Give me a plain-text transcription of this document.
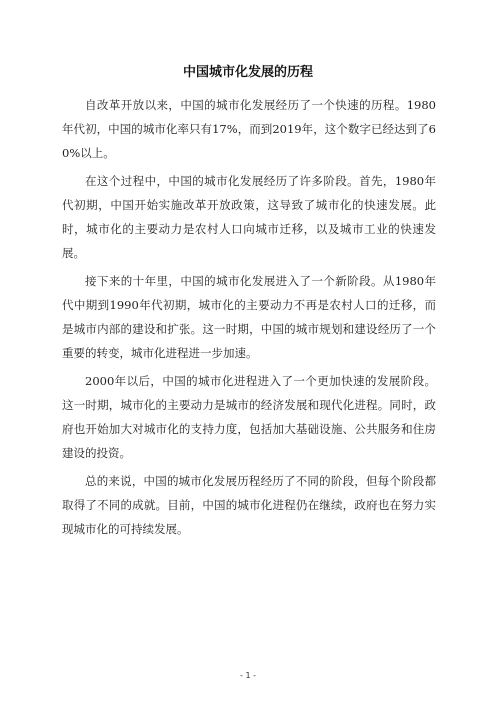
中国城市化发展的历程

自改革开放以来，中国的城市化发展经历了一个快速的历程。1980年代初，中国的城市化率只有17%，而到2019年，这个数字已经达到了60%以上。

在这个过程中，中国的城市化发展经历了许多阶段。首先，1980年代初期，中国开始实施改革开放政策，这导致了城市化的快速发展。此时，城市化的主要动力是农村人口向城市迁移，以及城市工业的快速发展。

接下来的十年里，中国的城市化发展进入了一个新阶段。从1980年代中期到1990年代初期，城市化的主要动力不再是农村人口的迁移，而是城市内部的建设和扩张。这一时期，中国的城市规划和建设经历了一个重要的转变，城市化进程进一步加速。

2000年以后，中国的城市化进程进入了一个更加快速的发展阶段。这一时期，城市化的主要动力是城市的经济发展和现代化进程。同时，政府也开始加大对城市化的支持力度，包括加大基础设施、公共服务和住房建设的投资。

总的来说，中国的城市化发展历程经历了不同的阶段，但每个阶段都取得了不同的成就。目前，中国的城市化进程仍在继续，政府也在努力实现城市化的可持续发展。

- 1 -
